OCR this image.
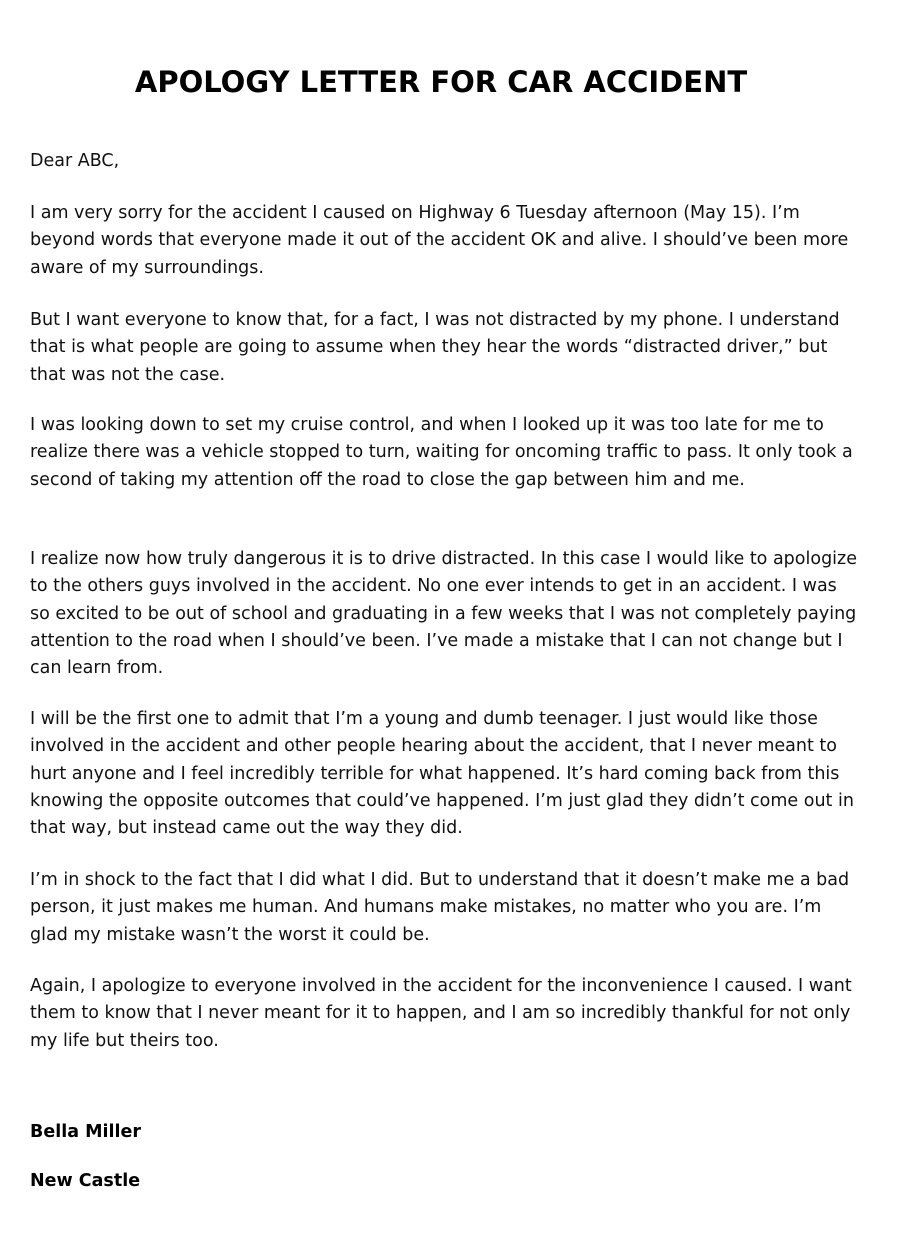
APOLOGY LETTER FOR CAR ACCIDENT

Dear ABC,

I am very sorry for the accident I caused on Highway 6 Tuesday afternoon (May 15). I’m beyond words that everyone made it out of the accident OK and alive. I should’ve been more aware of my surroundings.

But I want everyone to know that, for a fact, I was not distracted by my phone. I understand that is what people are going to assume when they hear the words “distracted driver,” but that was not the case.

I was looking down to set my cruise control, and when I looked up it was too late for me to realize there was a vehicle stopped to turn, waiting for oncoming traffic to pass. It only took a second of taking my attention off the road to close the gap between him and me.

I realize now how truly dangerous it is to drive distracted. In this case I would like to apologize to the others guys involved in the accident. No one ever intends to get in an accident. I was so excited to be out of school and graduating in a few weeks that I was not completely paying attention to the road when I should’ve been. I’ve made a mistake that I can not change but I can learn from.

I will be the first one to admit that I’m a young and dumb teenager. I just would like those involved in the accident and other people hearing about the accident, that I never meant to hurt anyone and I feel incredibly terrible for what happened. It’s hard coming back from this knowing the opposite outcomes that could’ve happened. I’m just glad they didn’t come out in that way, but instead came out the way they did.

I’m in shock to the fact that I did what I did. But to understand that it doesn’t make me a bad person, it just makes me human. And humans make mistakes, no matter who you are. I’m glad my mistake wasn’t the worst it could be.

Again, I apologize to everyone involved in the accident for the inconvenience I caused. I want them to know that I never meant for it to happen, and I am so incredibly thankful for not only my life but theirs too.

Bella Miller

New Castle
